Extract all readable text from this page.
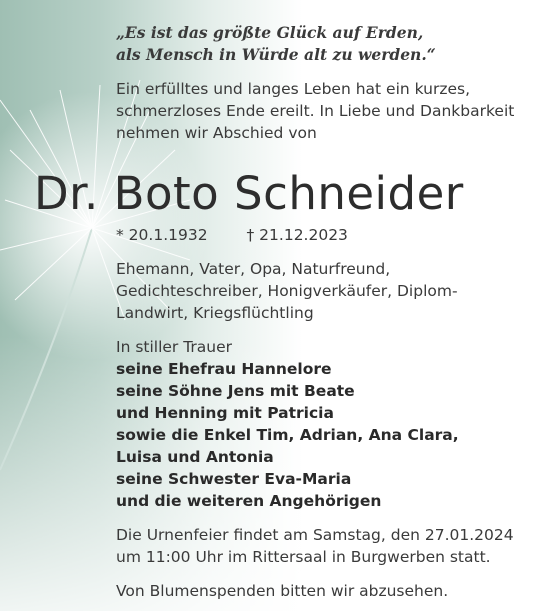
„Es ist das größte Glück auf Erden,
als Mensch in Würde alt zu werden.“
Ein erfülltes und langes Leben hat ein kurzes,
schmerzloses Ende ereilt. In Liebe und Dankbarkeit
nehmen wir Abschied von
Dr. Boto Schneider
* 20.1.1932	† 21.12.2023
Ehemann, Vater, Opa, Naturfreund,
Gedichteschreiber, Honigverkäufer, Diplom-
Landwirt, Kriegsflüchtling
In stiller Trauer
seine Ehefrau Hannelore
seine Söhne Jens mit Beate
und Henning mit Patricia
sowie die Enkel Tim, Adrian, Ana Clara,
Luisa und Antonia
seine Schwester Eva-Maria
und die weiteren Angehörigen
Die Urnenfeier findet am Samstag, den 27.01.2024
um 11:00 Uhr im Rittersaal in Burgwerben statt.
Von Blumenspenden bitten wir abzusehen.
